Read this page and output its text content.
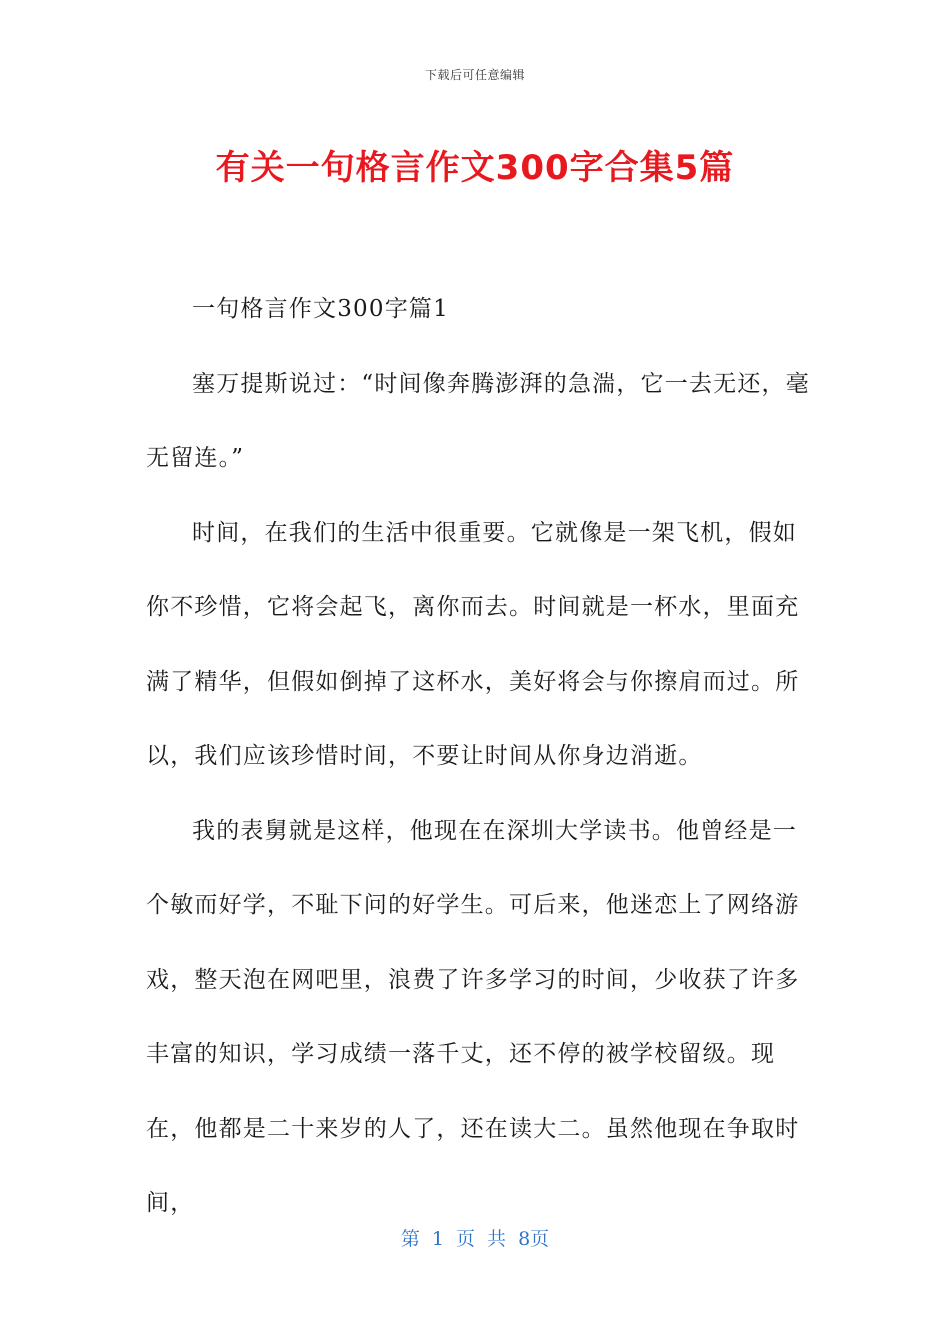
下载后可任意编辑
有关一句格言作文300字合集5篇

一句格言作文300字篇1

塞万提斯说过：“时间像奔腾澎湃的急湍，它一去无还，毫无留连。”

时间，在我们的生活中很重要。它就像是一架飞机，假如你不珍惜，它将会起飞，离你而去。时间就是一杯水，里面充满了精华，但假如倒掉了这杯水，美好将会与你擦肩而过。所以，我们应该珍惜时间，不要让时间从你身边消逝。

我的表舅就是这样，他现在在深圳大学读书。他曾经是一个敏而好学，不耻下问的好学生。可后来，他迷恋上了网络游戏，整天泡在网吧里，浪费了许多学习的时间，少收获了许多丰富的知识，学习成绩一落千丈，还不停的被学校留级。现在，他都是二十来岁的人了，还在读大二。虽然他现在争取时间，

第 1 页 共 8页
